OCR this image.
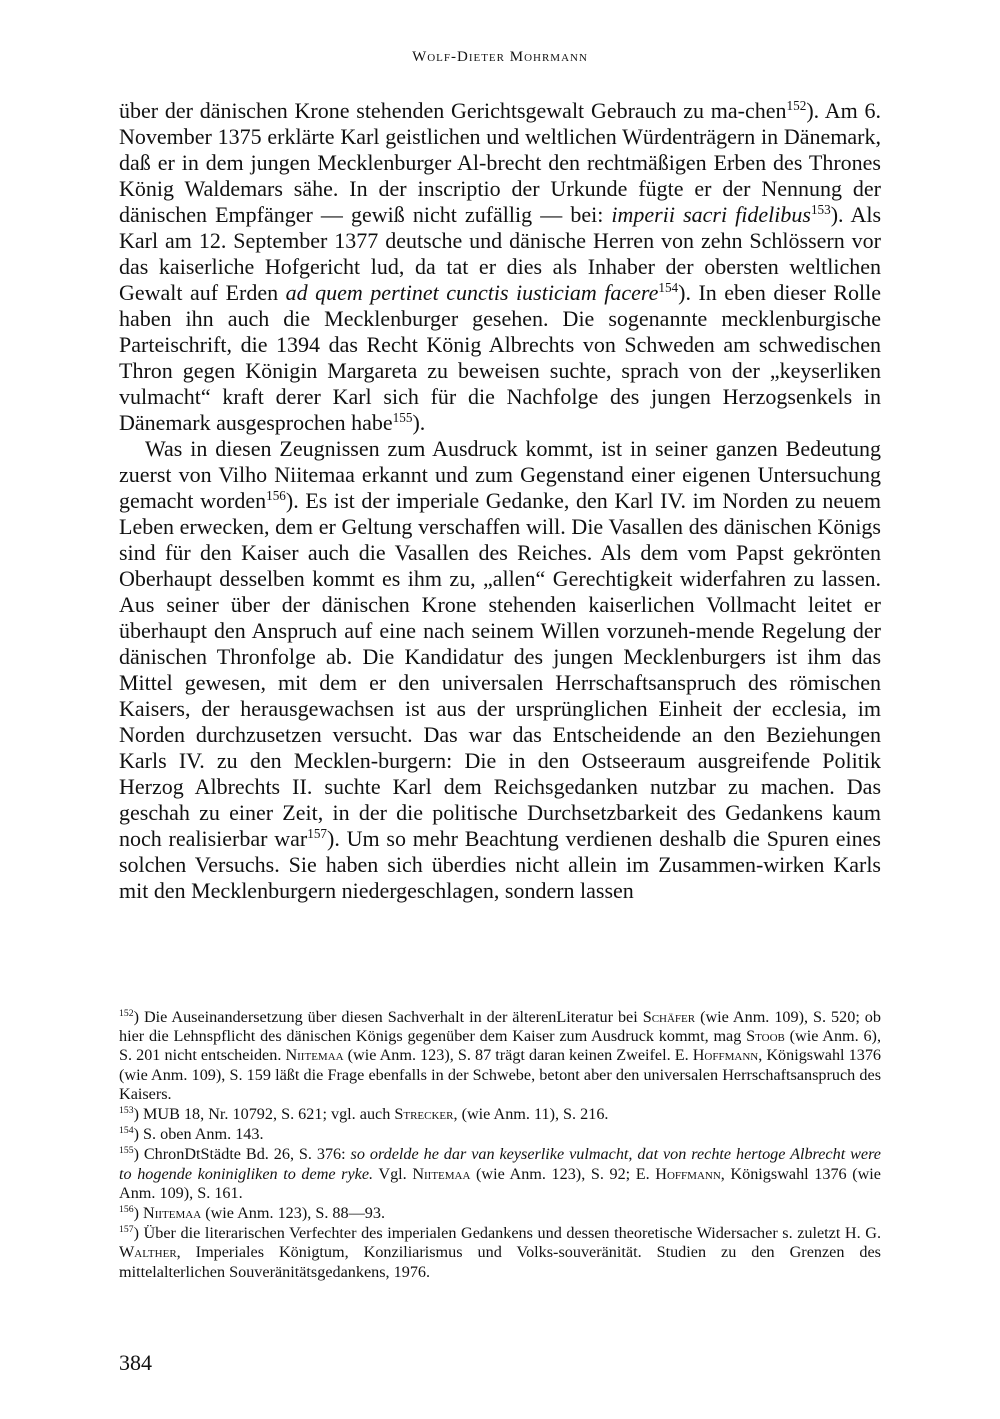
Wolf-Dieter Mohrmann

über der dänischen Krone stehenden Gerichtsgewalt Gebrauch zu ma-chen$^{152}$). Am 6. November 1375 erklärte Karl geistlichen und weltlichen Würdenträgern in Dänemark, daß er in dem jungen Mecklenburger Al-brecht den rechtmäßigen Erben des Thrones König Waldemars sähe. In der inscriptio der Urkunde fügte er der Nennung der dänischen Empfänger — gewiß nicht zufällig — bei: imperii sacri fidelibus$^{153}$). Als Karl am 12. September 1377 deutsche und dänische Herren von zehn Schlössern vor das kaiserliche Hofgericht lud, da tat er dies als Inhaber der obersten weltlichen Gewalt auf Erden ad quem pertinet cunctis iusticiam facere$^{154}$). In eben dieser Rolle haben ihn auch die Mecklenburger gesehen. Die sogenannte mecklenburgische Parteischrift, die 1394 das Recht König Albrechts von Schweden am schwedischen Thron gegen Königin Margareta zu beweisen suchte, sprach von der „keyserliken vulmacht“ kraft derer Karl sich für die Nachfolge des jungen Herzogsenkels in Dänemark ausgesprochen habe$^{155}$).

Was in diesen Zeugnissen zum Ausdruck kommt, ist in seiner ganzen Bedeutung zuerst von Vilho Niitemaa erkannt und zum Gegenstand einer eigenen Untersuchung gemacht worden$^{156}$). Es ist der imperiale Gedanke, den Karl IV. im Norden zu neuem Leben erwecken, dem er Geltung verschaffen will. Die Vasallen des dänischen Königs sind für den Kaiser auch die Vasallen des Reiches. Als dem vom Papst gekrönten Oberhaupt desselben kommt es ihm zu, „allen“ Gerechtigkeit widerfahren zu lassen. Aus seiner über der dänischen Krone stehenden kaiserlichen Vollmacht leitet er überhaupt den Anspruch auf eine nach seinem Willen vorzuneh-mende Regelung der dänischen Thronfolge ab. Die Kandidatur des jungen Mecklenburgers ist ihm das Mittel gewesen, mit dem er den universalen Herrschaftsanspruch des römischen Kaisers, der herausgewachsen ist aus der ursprünglichen Einheit der ecclesia, im Norden durchzusetzen versucht. Das war das Entscheidende an den Beziehungen Karls IV. zu den Mecklen-burgern: Die in den Ostseeraum ausgreifende Politik Herzog Albrechts II. suchte Karl dem Reichsgedanken nutzbar zu machen. Das geschah zu einer Zeit, in der die politische Durchsetzbarkeit des Gedankens kaum noch realisierbar war$^{157}$). Um so mehr Beachtung verdienen deshalb die Spuren eines solchen Versuchs. Sie haben sich überdies nicht allein im Zusammen-wirken Karls mit den Mecklenburgern niedergeschlagen, sondern lassen

$^{152}$) Die Auseinandersetzung über diesen Sachverhalt in der älterenLiteratur bei Schäfer (wie Anm. 109), S. 520; ob hier die Lehnspflicht des dänischen Königs gegenüber dem Kaiser zum Ausdruck kommt, mag Stoob (wie Anm. 6), S. 201 nicht entscheiden. Niitemaa (wie Anm. 123), S. 87 trägt daran keinen Zweifel. E. Hoffmann, Königswahl 1376 (wie Anm. 109), S. 159 läßt die Frage ebenfalls in der Schwebe, betont aber den universalen Herrschaftsanspruch des Kaisers.

$^{153}$) MUB 18, Nr. 10792, S. 621; vgl. auch Strecker, (wie Anm. 11), S. 216.

$^{154}$) S. oben Anm. 143.

$^{155}$) ChronDtStädte Bd. 26, S. 376: so ordelde he dar van keyserlike vulmacht, dat von rechte hertoge Albrecht were to hogende koninigliken to deme ryke. Vgl. Niitemaa (wie Anm. 123), S. 92; E. Hoffmann, Königswahl 1376 (wie Anm. 109), S. 161.

$^{156}$) Niitemaa (wie Anm. 123), S. 88—93.

$^{157}$) Über die literarischen Verfechter des imperialen Gedankens und dessen theoretische Widersacher s. zuletzt H. G. Walther, Imperiales Königtum, Konziliarismus und Volks-souveränität. Studien zu den Grenzen des mittelalterlichen Souveränitätsgedankens, 1976.

384
